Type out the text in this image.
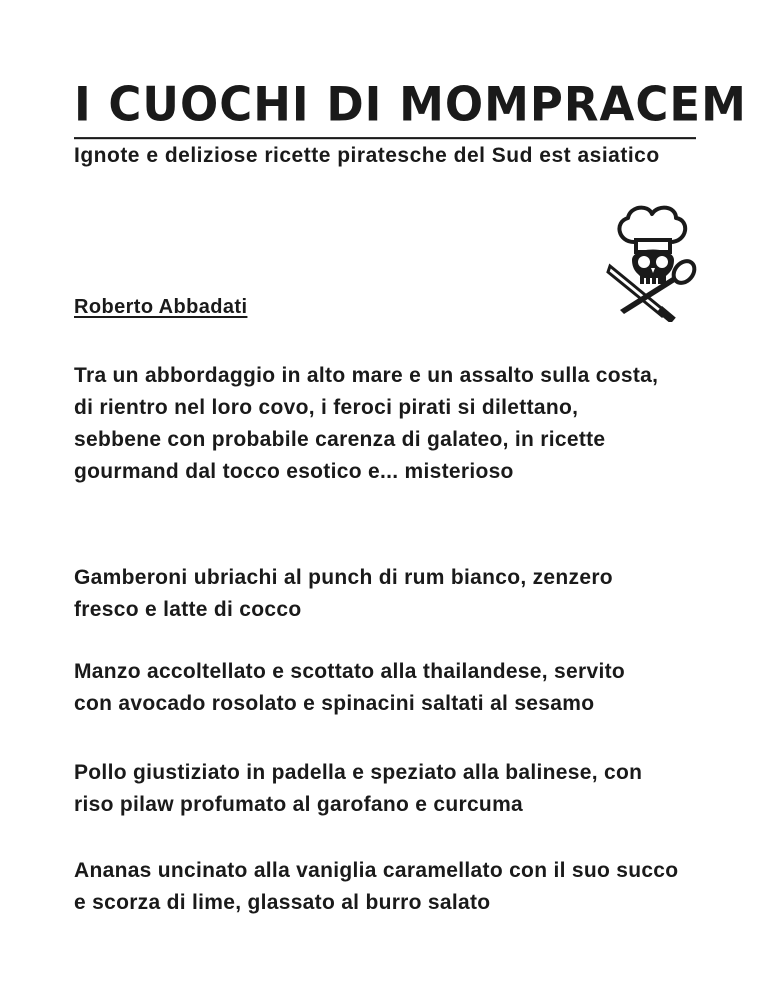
I CUOCHI DI MOMPRACEM
Ignote e deliziose ricette piratesche del Sud est asiatico
Roberto Abbadati
Tra un abbordaggio in alto mare e un assalto sulla costa,
di rientro nel loro covo, i feroci pirati si dilettano,
sebbene con probabile carenza di galateo, in ricette
gourmand dal tocco esotico e... misterioso
Gamberoni ubriachi al punch di rum bianco, zenzero
fresco e latte di cocco
Manzo accoltellato e scottato alla thailandese, servito
con avocado rosolato e spinacini saltati al sesamo
Pollo giustiziato in padella e speziato alla balinese, con
riso pilaw profumato al garofano e curcuma
Ananas uncinato alla vaniglia caramellato con il suo succo
e scorza di lime, glassato al burro salato
